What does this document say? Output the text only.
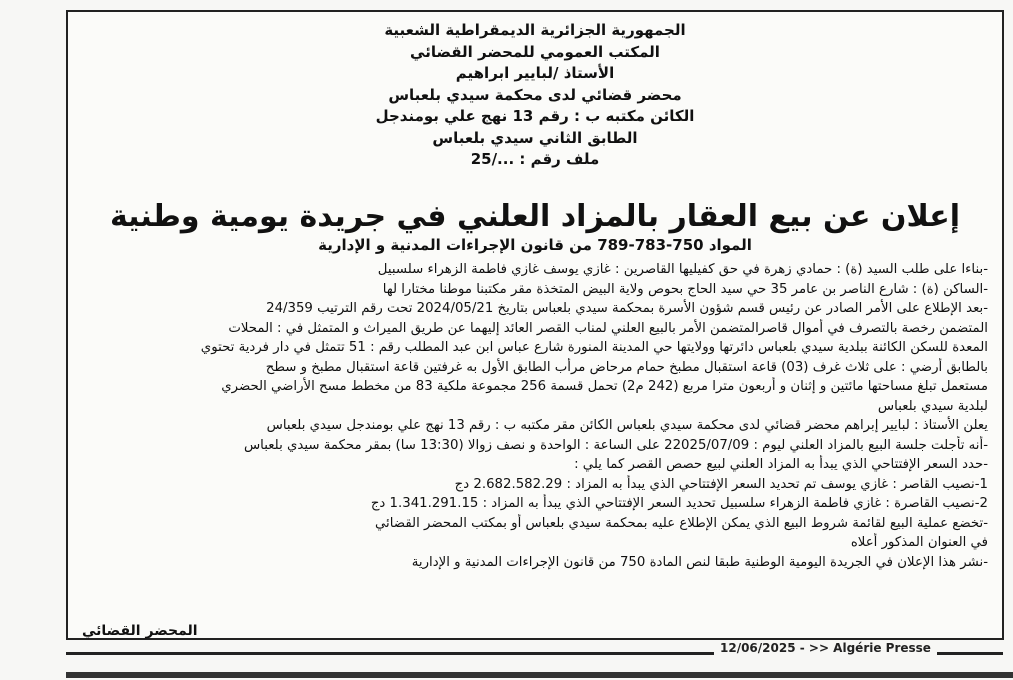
الجمهورية الجزائرية الديمقراطية الشعبية
المكتب العمومي للمحضر القضائي
الأستاذ /لبايير ابراهيم
محضر قضائي لدى محكمة سيدي بلعباس
الكائن مكتبه ب : رقم 13 نهج علي بومندجل
الطابق الثاني سيدي بلعباس
ملف رقم : .../25
إعلان عن بيع العقار بالمزاد العلني في جريدة يومية وطنية
المواد 750-783-789 من قانون الإجراءات المدنية و الإدارية
-بناءا على طلب السيد (ة) : حمادي زهرة في حق كفيليها القاصرين : غازي يوسف غازي فاطمة الزهراء سلسبيل
-الساكن (ة) : شارع الناصر بن عامر 35 حي سيد الحاج بحوص ولاية البيض المتخذة مقر مكتبنا موطنا مختارا لها
-بعد الإطلاع على الأمر الصادر عن رئيس قسم شؤون الأسرة بمحكمة سيدي بلعباس بتاريخ 2024/05/21 تحت رقم الترتيب 24/359
المتضمن رخصة بالتصرف في أموال قاصرالمتضمن الأمر بالبيع العلني لمناب القصر العائد إليهما عن طريق الميراث و المتمثل في : المحلات
المعدة للسكن الكائنة ببلدية سيدي بلعباس دائرتها وولايتها حي المدينة المنورة شارع عباس ابن عبد المطلب رقم : 51 تتمثل في دار فردية تحتوي
بالطابق أرضي : على ثلاث غرف (03) قاعة استقبال مطبخ حمام مرحاض مرأب الطابق الأول به غرفتين قاعة استقبال مطبخ و سطح
مستعمل تبلغ مساحتها مائتين و إثنان و أربعون مترا مربع (242 م2) تحمل قسمة 256 مجموعة ملكية 83 من مخطط مسح الأراضي الحضري
لبلدية سيدي بلعباس
يعلن الأستاذ : لبايير إبراهم محضر قضائي لدى محكمة سيدي بلعباس الكائن مقر مكتبه ب : رقم 13 نهج علي بومندجل سيدي بلعباس
-أنه تأجلت جلسة البيع بالمزاد العلني ليوم : 22025/07/09 على الساعة : الواحدة و نصف زوالا (13:30 سا) بمقر محكمة سيدي بلعباس
-حدد السعر الإفتتاحي الذي يبدأ به المزاد العلني لبيع حصص القصر كما يلي :
1-نصيب القاصر : غازي يوسف تم تحديد السعر الإفتتاحي الذي يبدأ به المزاد : 2.682.582.29 دج
2-نصيب القاصرة : غازي فاطمة الزهراء سلسبيل تحديد السعر الإفتتاحي الذي يبدأ به المزاد : 1.341.291.15 دج
-تخضع عملية البيع لقائمة شروط البيع الذي يمكن الإطلاع عليه بمحكمة سيدي بلعباس أو بمكتب المحضر القضائي
في العنوان المذكور أعلاه
-نشر هذا الإعلان في الجريدة اليومية الوطنية طبقا لنص المادة 750 من قانون الإجراءات المدنية و الإدارية
المحضر القضائي
12/06/2025 - >> Algérie Presse
